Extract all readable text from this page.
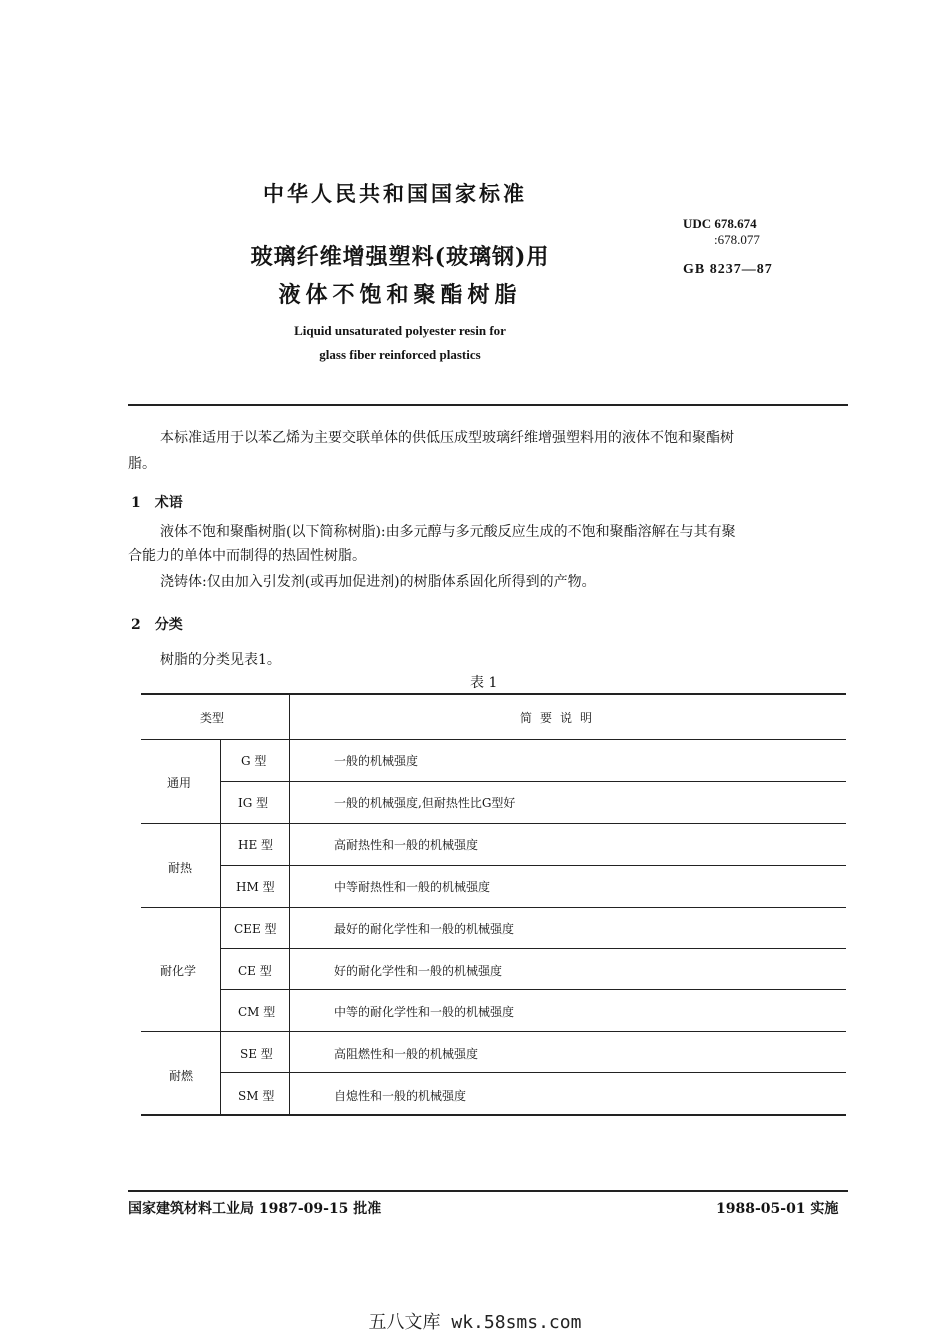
中华人民共和国国家标准
UDC 678.674
:678.077
GB 8237—87
玻璃纤维增强塑料(玻璃钢)用
液体不饱和聚酯树脂
Liquid unsaturated polyester resin for
glass fiber reinforced plastics
本标准适用于以苯乙烯为主要交联单体的供低压成型玻璃纤维增强塑料用的液体不饱和聚酯树
脂。
1　术语
液体不饱和聚酯树脂(以下简称树脂):由多元醇与多元酸反应生成的不饱和聚酯溶解在与其有聚
合能力的单体中而制得的热固性树脂。
浇铸体:仅由加入引发剂(或再加促进剂)的树脂体系固化所得到的产物。
2　分类
树脂的分类见表1。
表 1
类型	简要说明
通用
G 型	一般的机械强度
IG 型	一般的机械强度,但耐热性比G型好
耐热
HE 型	高耐热性和一般的机械强度
HM 型	中等耐热性和一般的机械强度
耐化学
CEE 型	最好的耐化学性和一般的机械强度
CE 型	好的耐化学性和一般的机械强度
CM 型	中等的耐化学性和一般的机械强度
耐燃
SE 型	高阻燃性和一般的机械强度
SM 型	自熄性和一般的机械强度
国家建筑材料工业局 1987-09-15 批准	1988-05-01 实施
五八文库 wk.58sms.com
